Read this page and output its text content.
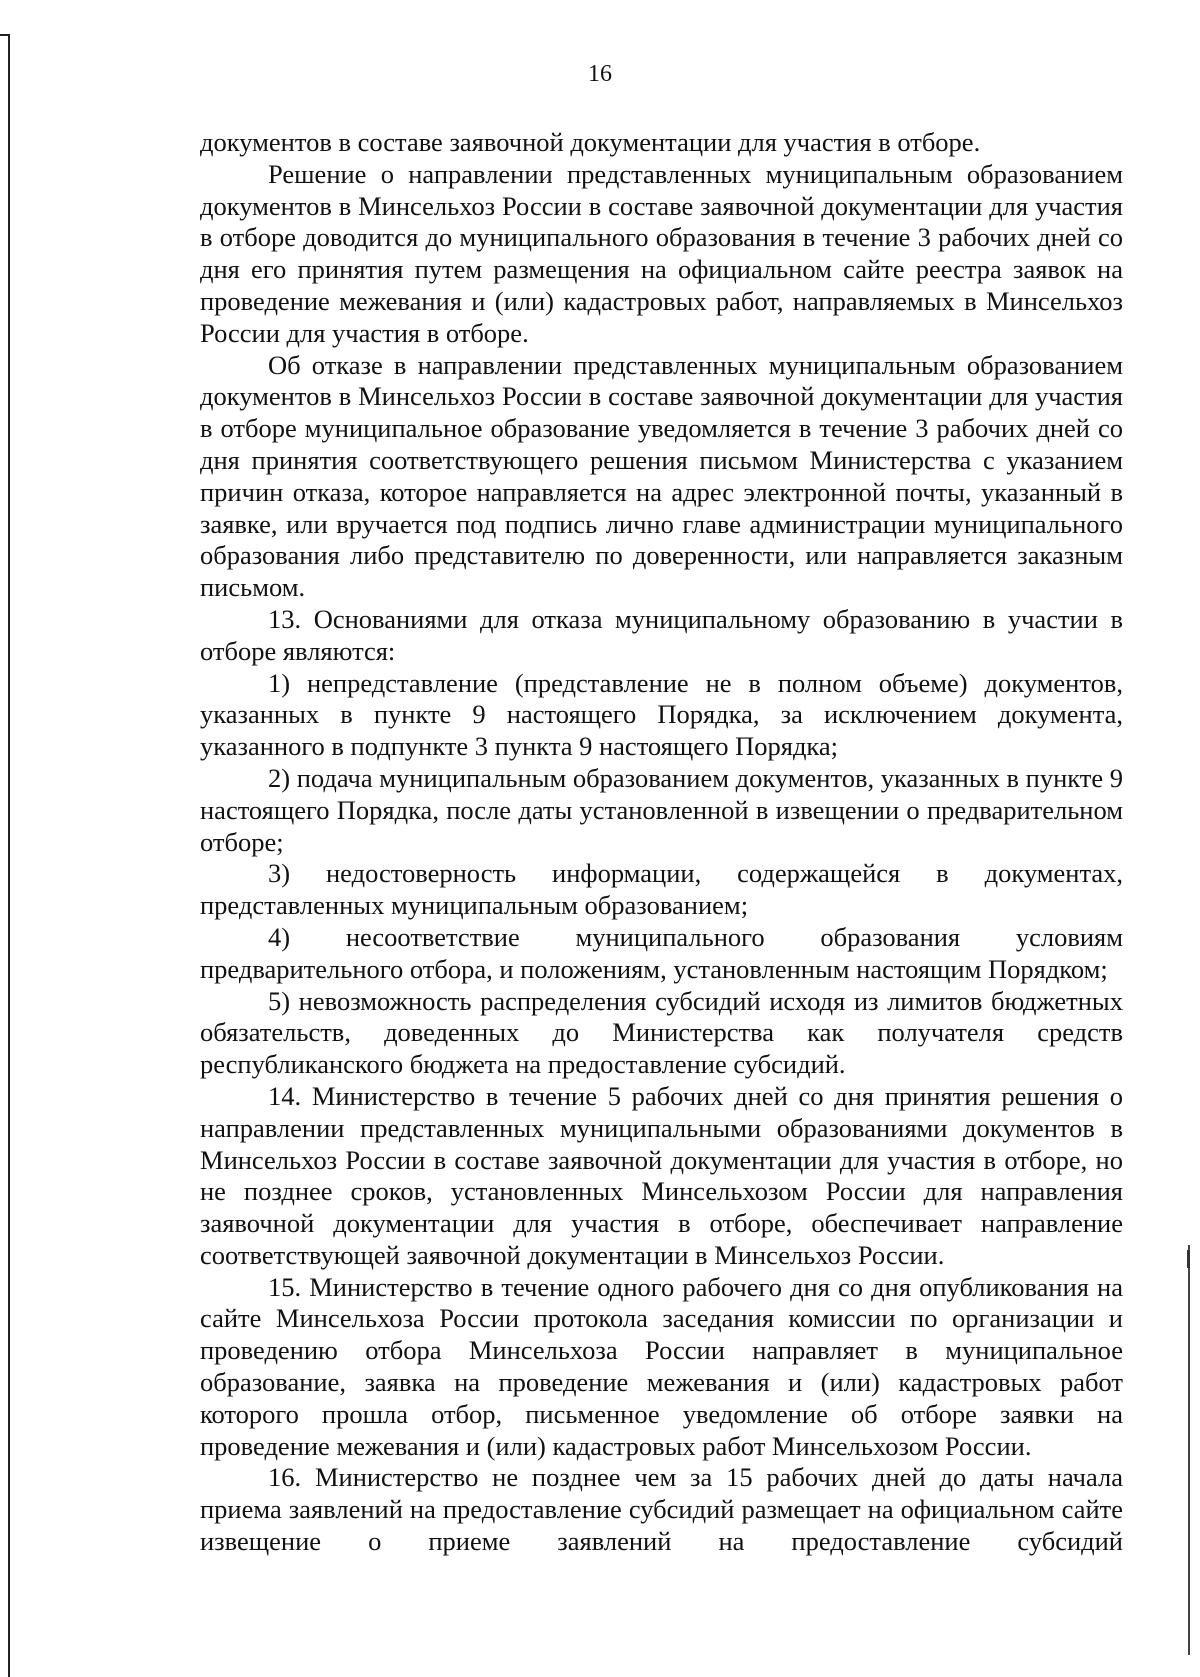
16

документов в составе заявочной документации для участия в отборе.

Решение о направлении представленных муниципальным образованием документов в Минсельхоз России в составе заявочной документации для участия в отборе доводится до муниципального образования в течение 3 рабочих дней со дня его принятия путем размещения на официальном сайте реестра заявок на проведение межевания и (или) кадастровых работ, направляемых в Минсельхоз России для участия в отборе.

Об отказе в направлении представленных муниципальным образованием документов в Минсельхоз России в составе заявочной документации для участия в отборе муниципальное образование уведомляется в течение 3 рабочих дней со дня принятия соответствующего решения письмом Министерства с указанием причин отказа, которое направляется на адрес электронной почты, указанный в заявке, или вручается под подпись лично главе администрации муниципального образования либо представителю по доверенности, или направляется заказным письмом.

13. Основаниями для отказа муниципальному образованию в участии в отборе являются:

1) непредставление (представление не в полном объеме) документов, указанных в пункте 9 настоящего Порядка, за исключением документа, указанного в подпункте 3 пункта 9 настоящего Порядка;

2) подача муниципальным образованием документов, указанных в пункте 9 настоящего Порядка, после даты установленной в извещении о предварительном отборе;

3) недостоверность информации, содержащейся в документах, представленных муниципальным образованием;

4) несоответствие муниципального образования условиям предварительного отбора, и положениям, установленным настоящим Порядком;

5) невозможность распределения субсидий исходя из лимитов бюджетных обязательств, доведенных до Министерства как получателя средств республиканского бюджета на предоставление субсидий.

14. Министерство в течение 5 рабочих дней со дня принятия решения о направлении представленных муниципальными образованиями документов в Минсельхоз России в составе заявочной документации для участия в отборе, но не позднее сроков, установленных Минсельхозом России для направления заявочной документации для участия в отборе, обеспечивает направление соответствующей заявочной документации в Минсельхоз России.

15. Министерство в течение одного рабочего дня со дня опубликования на сайте Минсельхоза России протокола заседания комиссии по организации и проведению отбора Минсельхоза России направляет в муниципальное образование, заявка на проведение межевания и (или) кадастровых работ которого прошла отбор, письменное уведомление об отборе заявки на проведение межевания и (или) кадастровых работ Минсельхозом России.

16. Министерство не позднее чем за 15 рабочих дней до даты начала приема заявлений на предоставление субсидий размещает на официальном сайте извещение о приеме заявлений на предоставление субсидий
